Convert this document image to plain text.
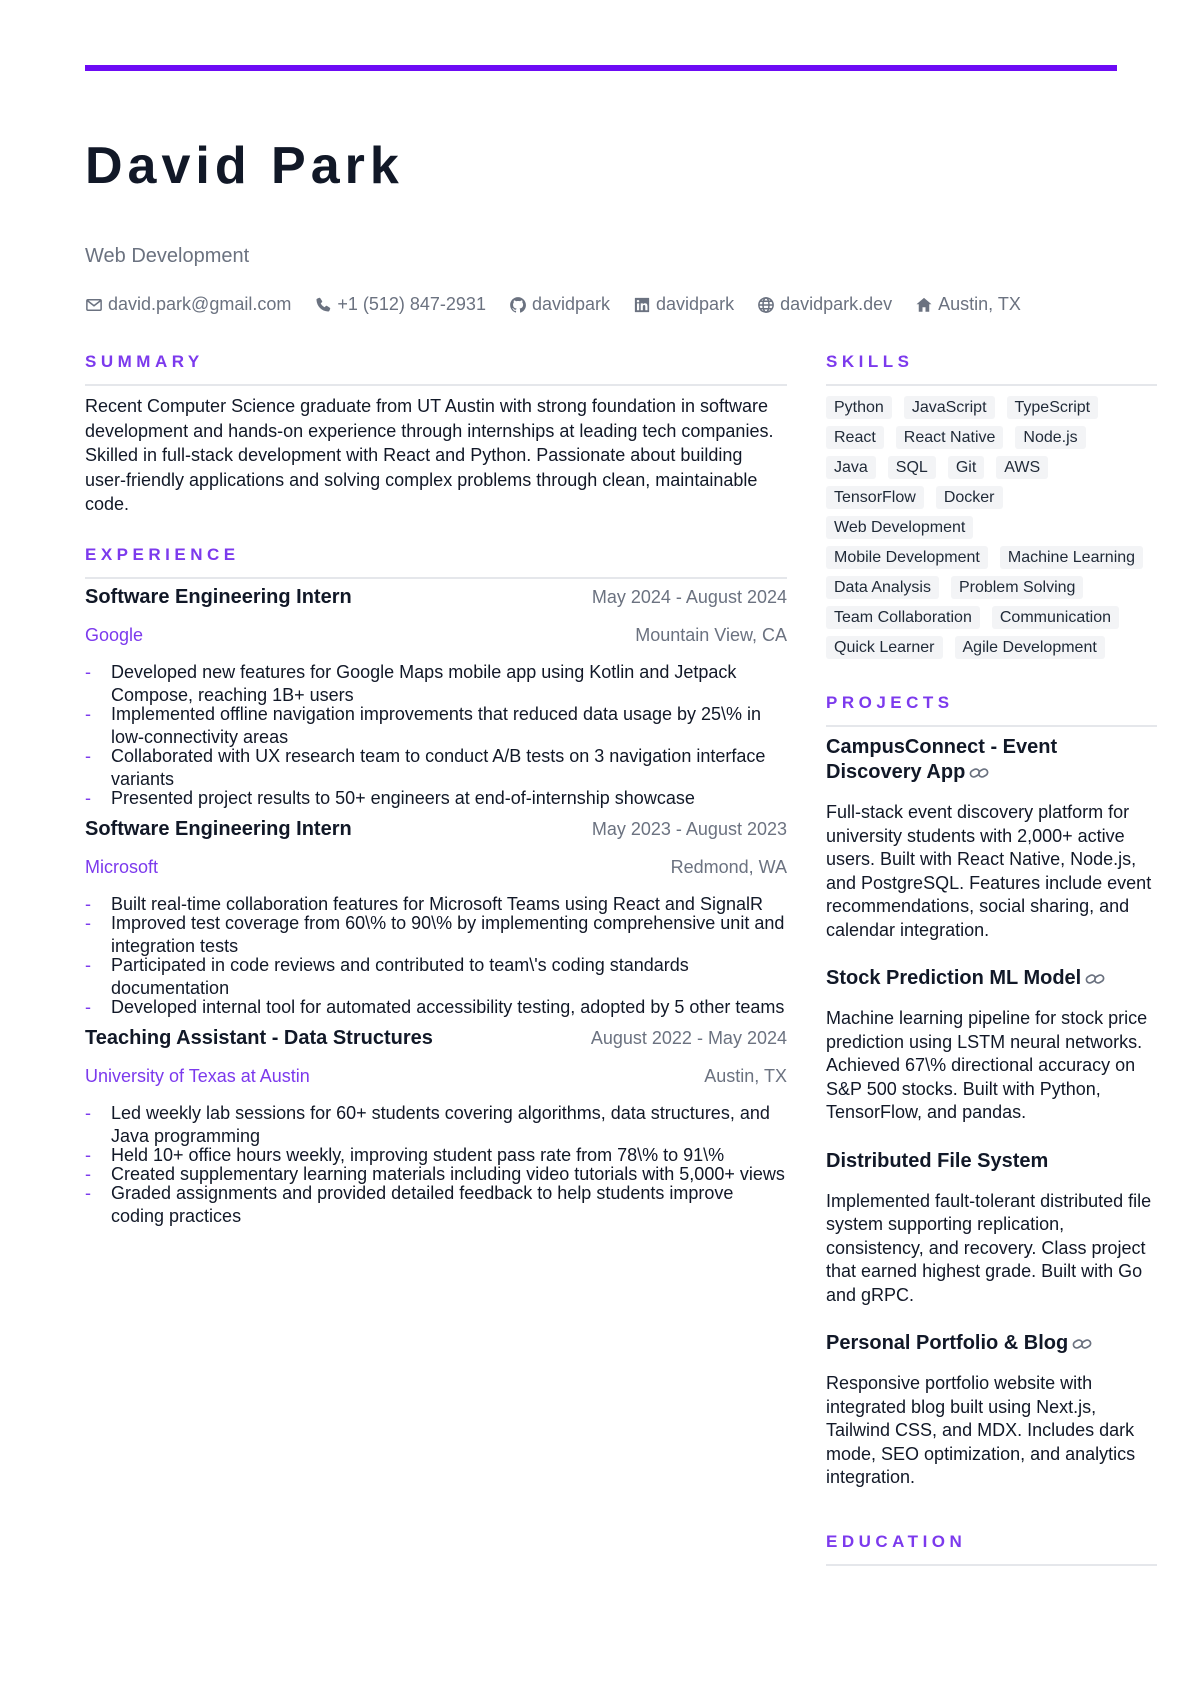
David Park
Web Development
david.park@gmail.com	+1 (512) 847-2931	davidpark	davidpark	davidpark.dev	Austin, TX
SUMMARY

Recent Computer Science graduate from UT Austin with strong foundation in software development and hands-on experience through internships at leading tech companies. Skilled in full-stack development with React and Python. Passionate about building user-friendly applications and solving complex problems through clean, maintainable code.

EXPERIENCE
Software Engineering Intern	May 2024 - August 2024
Google	Mountain View, CA
- Developed new features for Google Maps mobile app using Kotlin and Jetpack Compose, reaching 1B+ users
- Implemented offline navigation improvements that reduced data usage by 25\% in low-connectivity areas
- Collaborated with UX research team to conduct A/B tests on 3 navigation interface variants
- Presented project results to 50+ engineers at end-of-internship showcase
Software Engineering Intern	May 2023 - August 2023
Microsoft	Redmond, WA
- Built real-time collaboration features for Microsoft Teams using React and SignalR
- Improved test coverage from 60\% to 90\% by implementing comprehensive unit and integration tests
- Participated in code reviews and contributed to team\'s coding standards documentation
- Developed internal tool for automated accessibility testing, adopted by 5 other teams
Teaching Assistant - Data Structures	August 2022 - May 2024
University of Texas at Austin	Austin, TX
- Led weekly lab sessions for 60+ students covering algorithms, data structures, and Java programming
- Held 10+ office hours weekly, improving student pass rate from 78\% to 91\%
- Created supplementary learning materials including video tutorials with 5,000+ views
- Graded assignments and provided detailed feedback to help students improve coding practices
SKILLS
Python	JavaScript	TypeScript
React	React Native	Node.js
Java	SQL	Git	AWS
TensorFlow	Docker
Web Development
Mobile Development	Machine Learning
Data Analysis	Problem Solving
Team Collaboration	Communication
Quick Learner	Agile Development
PROJECTS
CampusConnect - Event Discovery App
Full-stack event discovery platform for university students with 2,000+ active users. Built with React Native, Node.js, and PostgreSQL. Features include event recommendations, social sharing, and calendar integration.
Stock Prediction ML Model
Machine learning pipeline for stock price prediction using LSTM neural networks. Achieved 67\% directional accuracy on S&P 500 stocks. Built with Python, TensorFlow, and pandas.
Distributed File System
Implemented fault-tolerant distributed file system supporting replication, consistency, and recovery. Class project that earned highest grade. Built with Go and gRPC.
Personal Portfolio & Blog
Responsive portfolio website with integrated blog built using Next.js, Tailwind CSS, and MDX. Includes dark mode, SEO optimization, and analytics integration.
EDUCATION
